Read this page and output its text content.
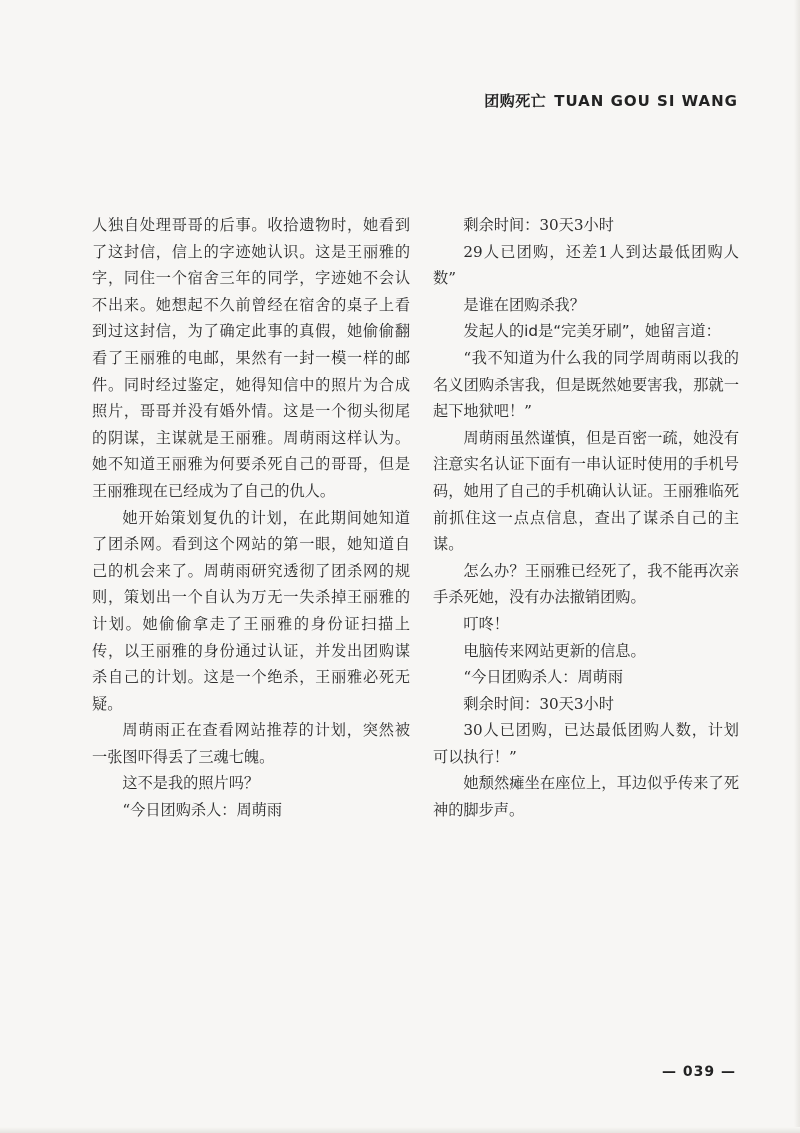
团购死亡 TUAN GOU SI WANG

人独自处理哥哥的后事。收拾遗物时，她看到了这封信，信上的字迹她认识。这是王丽雅的字，同住一个宿舍三年的同学，字迹她不会认不出来。她想起不久前曾经在宿舍的桌子上看到过这封信，为了确定此事的真假，她偷偷翻看了王丽雅的电邮，果然有一封一模一样的邮件。同时经过鉴定，她得知信中的照片为合成照片，哥哥并没有婚外情。这是一个彻头彻尾的阴谋，主谋就是王丽雅。周萌雨这样认为。她不知道王丽雅为何要杀死自己的哥哥，但是王丽雅现在已经成为了自己的仇人。

她开始策划复仇的计划，在此期间她知道了团杀网。看到这个网站的第一眼，她知道自己的机会来了。周萌雨研究透彻了团杀网的规则，策划出一个自认为万无一失杀掉王丽雅的计划。她偷偷拿走了王丽雅的身份证扫描上传，以王丽雅的身份通过认证，并发出团购谋杀自己的计划。这是一个绝杀，王丽雅必死无疑。

周萌雨正在查看网站推荐的计划，突然被一张图吓得丢了三魂七魄。

这不是我的照片吗？

“今日团购杀人：周萌雨

剩余时间：30天3小时

29人已团购，还差1人到达最低团购人数”

是谁在团购杀我？

发起人的id是“完美牙刷”，她留言道：

“我不知道为什么我的同学周萌雨以我的名义团购杀害我，但是既然她要害我，那就一起下地狱吧！”

周萌雨虽然谨慎，但是百密一疏，她没有注意实名认证下面有一串认证时使用的手机号码，她用了自己的手机确认认证。王丽雅临死前抓住这一点点信息，查出了谋杀自己的主谋。

怎么办？王丽雅已经死了，我不能再次亲手杀死她，没有办法撤销团购。

叮咚！

电脑传来网站更新的信息。

“今日团购杀人：周萌雨

剩余时间：30天3小时

30人已团购，已达最低团购人数，计划可以执行！”

她颓然瘫坐在座位上，耳边似乎传来了死神的脚步声。

— 039 —
